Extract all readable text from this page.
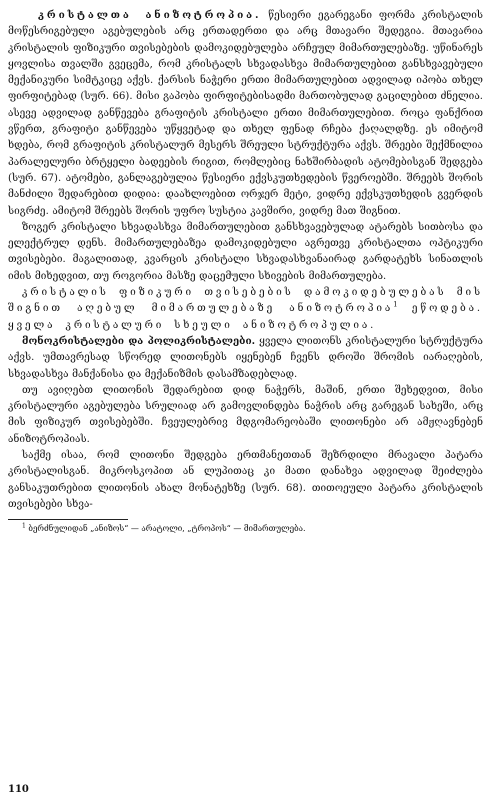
კრისტალთა ანიზოტროპია. წესიერი ეგარეგანი ფორმა კრისტალის მოწესრიგებული აგებულების არც ერთადერთი და არც მთავარი შედეგია. მთავარია კრისტალის ფიზიკური თვისებების დამოკიდებულება არჩეულ მიმართულებაზე. უწინარეს ყოვლისა თვალში გვეცემა, რომ კრისტალს სხვადასხვა მიმართულებით განსხვავებული მექანიკური სიმტკიცე აქვს. ქარსის ნაჭერი ერთი მიმართულებით ადვილად იპობა თხელ ფირფიტებად (სურ. 66). მისი გაპობა ფირფიტებისადმი მართობულად გაცილებით ძნელია. ასევე ადვილად განწევება გრაფიტის კრისტალი ერთი მიმართულებით. როცა ფანქრით ვწერთ, გრაფიტი განწევება უწყვეტად და თხელ ფენად რჩება ქაღალდზე. ეს იმიტომ ხდება, რომ გრაფიტის კრისტალურ მესერს შრეული სტრუქტურა აქვს. შრეები შექმნილია პარალელური ბრტყელი ბადეების რიგით, რომლებიც ნახშირბადის ატომებისგან შედგება (სურ. 67). ატომები, განლაგებულია წესიერი ექვსკუთხედების წვეროებში. შრეებს შორის მანძილი შედარებით დიდია: დაახლოებით ორჯერ მეტი, ვიდრე ექვსკუთხედის გვერდის სიგრძე. ამიტომ შრეებს შორის უფრო სუსტია კავშირი, ვიდრე მათ შიგნით.

ზოგერ კრისტალი სხვადასხვა მიმართულებით განსხვავებულად ატარებს სითბოსა და ელექტრულ დენს. მიმართულებაზეა დამოკიდებული აგრეთვე კრისტალთა ოპტიკური თვისებები. მაგალითად, კვარცის კრისტალი სხვადასხვანაირად გარდატეხს სინათლის იმის მიხედვით, თუ როგორია მასზე დაცემული სხივების მიმართულება.

კრისტალის ფიზიკური თვისებების დამოკიდებულებას მის შიგნით აღებულ მიმართულებაზე ანიზოტროპია$^1$ ეწოდება. ყველა კრისტალური სხეული ანიზოტროპულია.

მონოკრისტალები და პოლიკრისტალები. ყველა ლითონს კრისტალური სტრუქტურა აქვს. უმთავრესად სწორედ ლითონებს იყენებენ ჩვენს დროში შრომის იარაღების, სხვადასხვა მანქანისა და მექანიზმის დასამზადებლად.

თუ ავიღებთ ლითონის შედარებით დიდ ნაჭერს, მაშინ, ერთი შეხედვით, მისი კრისტალური აგებულება სრულიად არ გამოვლინდება ნაჭრის არც გარეგან სახეში, არც მის ფიზიკურ თვისებებში. ჩვეულებრივ მდგომარეობაში ლითონები არ ამჟღავნებენ ანიზოტროპიას.

საქმე ისაა, რომ ლითონი შედგება ერთმანეთთან შეზრდილი მრავალი პატარა კრისტალისგან. მიკროსკოპით ან ლუპითაც კი მათი დანახვა ადვილად შეიძლება განსაკუთრებით ლითონის ახალ მონატეხზე (სურ. 68). თითოეული პატარა კრისტალის თვისებები სხვა-

$^1$ ბერძნულიდან „ანიზოს“ — არატოლი, „ტროპოს“ — მიმართულება.

110
